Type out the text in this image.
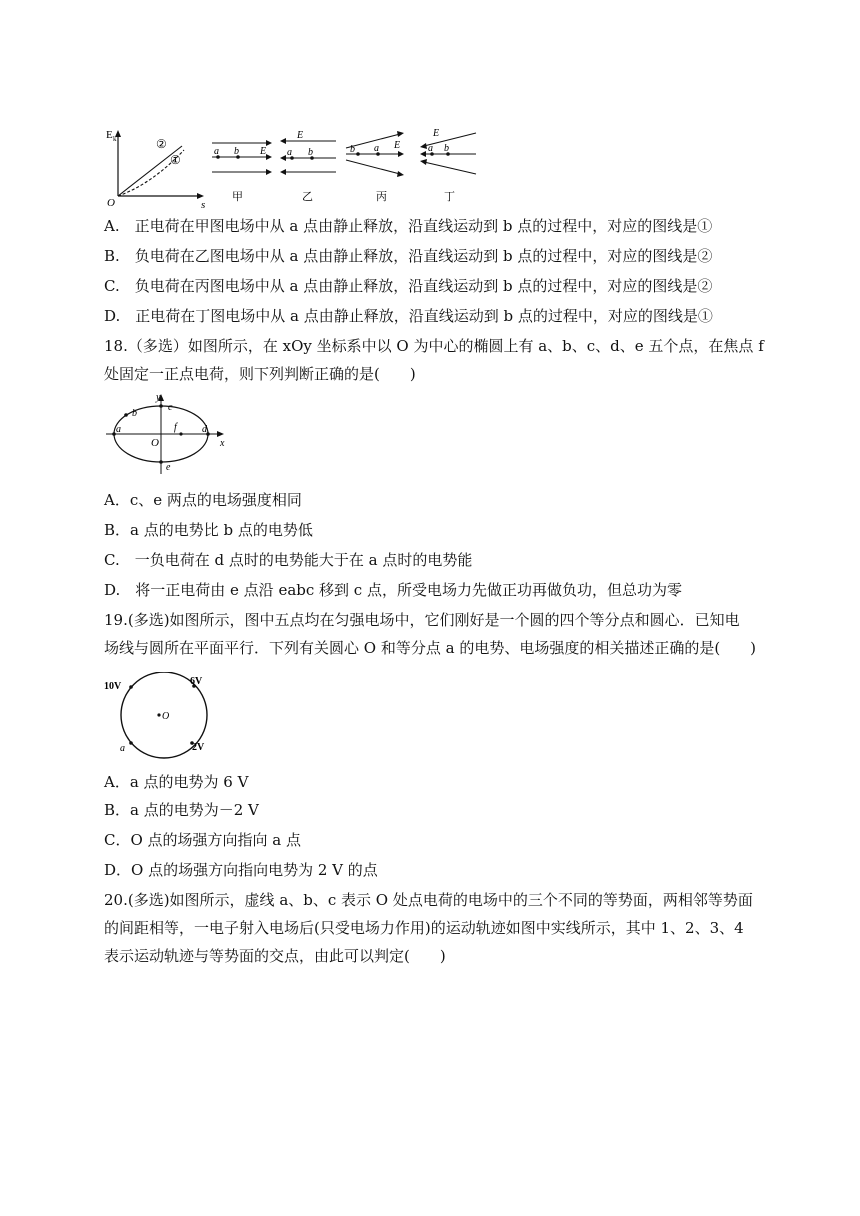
E k
O	s
②
①
a b E
甲
a b
E
乙
b a E
丙
a b
E
丁
A.　正电荷在甲图电场中从 a 点由静止释放，沿直线运动到 b 点的过程中，对应的图线是①
B.　负电荷在乙图电场中从 a 点由静止释放，沿直线运动到 b 点的过程中，对应的图线是②
C.　负电荷在丙图电场中从 a 点由静止释放，沿直线运动到 b 点的过程中，对应的图线是②
D.　正电荷在丁图电场中从 a 点由静止释放，沿直线运动到 b 点的过程中，对应的图线是①
18.（多选）如图所示，在 xOy 坐标系中以 O 为中心的椭圆上有 a、b、c、d、e 五个点，在焦点 f
处固定一正点电荷，则下列判断正确的是(　　)
y
x
O
a
b
c
d
e
f
A．c、e 两点的电场强度相同
B．a 点的电势比 b 点的电势低
C.　一负电荷在 d 点时的电势能大于在 a 点时的电势能
D.　将一正电荷由 e 点沿 eabc 移到 c 点，所受电场力先做正功再做负功，但总功为零
19.(多选)如图所示，图中五点均在匀强电场中，它们刚好是一个圆的四个等分点和圆心．已知电
场线与圆所在平面平行．下列有关圆心 O 和等分点 a 的电势、电场强度的相关描述正确的是(　　)
10V	6V
2V
a
O
A．a 点的电势为 6 V
B．a 点的电势为－2 V
C．O 点的场强方向指向 a 点
D．O 点的场强方向指向电势为 2 V 的点
20.(多选)如图所示，虚线 a、b、c 表示 O 处点电荷的电场中的三个不同的等势面，两相邻等势面
的间距相等，一电子射入电场后(只受电场力作用)的运动轨迹如图中实线所示，其中 1、2、3、4
表示运动轨迹与等势面的交点，由此可以判定(　　)
